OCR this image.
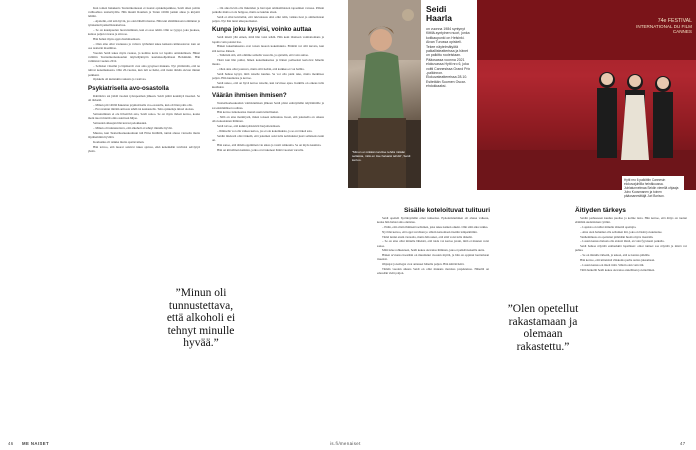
Kun toinen hakukerta Teatterikorkeaan ei tuonut opiskelupaikkaa, Seidi alkoi pohtia vaihtoehtoa teatterityölle. Hän muutti Rauman ja Turun välillä jonkin aikaa ja kirjoitti lehtiin.

– Ajattelin, että tein hyvin, jos olen lähellä mestaa. Hän teki säätämistaan toiminnan ja työskenteli paikallisteatterissa.

– Se on kausipuolen luovuttaminen, kun ei osaa tehdä. Olin se tyyppi, joka juoksee, kantaa paljon tavaraa ja siivoaa.

Hän halusi myös oppia hommaamaan.

– Olen aina ollut vastuussa ja valtava työhaluni tekee kaikesta kiinnostavaa: kun on osa teatterin maailmaa.

Vuoden Seidi tekee myös ruokaa, ja kolmas kerta toi lopulta onnistumisen. Hänet valittiin Teatterikorkeakoulun näyttelijäntyön koulutusohjelmaan Helsinkiin. Hän valmistui vuonna 2012.

– Sellaiset vitsailut ja läpäisevät ovat aina pysyneet mukana. Nyt ymmärrän, että ne tulivat kokemuksesta. Olin 20-vuotias, kun tuli se hetki, että tiesin tämän olevan minun paikkani.

Opiskelu oli kuitenkin raskasta ja vaativaa.

Psykiatrisella avo-osastolla

Rahtilaiva sai jäädä vuoden työrupeaman jälkeen. Seidi päätti keskittyä itseensä. Se oli tärkeää.

– Minun piti välillä hakeutua psykiatriselle avo-osastolle, kun oli liian paha olla.

– En tavannut mitään armosta tehdä tai keskustella. Tein opiskeluja niissä oloissa.

Sairastuminen ei ole hävettävä asia, Seidi sanoo. Se on myös tärkeä kertoa, koska moni nuori miettii omia asioitaan hiljaa.

Sairauden alkuajan hän kuvasi pelokkaaksi.

– Minun oli tunnustettava, että alkoholi ei tehnyt minulle hyvää.

Muutos, kun Teatterikorkeakouluun tuli Elina Knihtilä, tuntui alussa vieraalta mutta myöhemmin hyvältä.

Kouluaika oli rankka mutta opettavainen.

Hän toivoo, että nuoret saisivat tukea ajoissa, eikä kenenkään tarvitsisi selviytyä yksin.

– On aika hevin olla läsköiden ja harvojen ammattilaisten tapaamien varassa. Pääsin paikalle mutta ei ole helppoa, mutta se kuuluu alaan.

Seidi ei ollut kuvitellut, että tulevaisuus olisi ollut näin, vaikka tiesi jo ammatistaan paljon. Nyt hän tunsi ulkopuoliseksi.

Kunpa joku kysyisi, voinko auttaa

Seidi mietti yhä ennen, mitä hän voisi tehdä. Hän koki tilanteen voimattomana ja lopulta vain poistui itse.

Hänen kokemuksensa ovat toisen nuoren kokemuksia. Elämää voi silti kuvata, kun sitä kertoo ääneen.

– Tulkitsin sitä, että olimme samalla vuorolla, ja ajattelin, että voin auttaa.

Tästä kun hän puhui, hänen kokemuksensa ja hänen perheensä kertoivat hänelle muuta.

– Olen aina ollut joustava, mutta silti tiedän, että kaikkea ei voi hallita.

Seidi haluaa kysyä, mitä toiselle kuuluu. Se voi olla pieni teko, mutta merkitsee paljon. Hän kuuntelee ja kertoo.

Seidi uskoo, että on hyvä kertoa toiselle, kun tarvitsee apua. Kaikilla on oikeus tulla kuulluksi.

Väärän ihmisen ihmisen?

Teatterikorkeakoulun valmistumisen jälkeen Seidi pääsi esiintymään näyttämöille ja sai ensimmäiset roolinsa.

Hän kertoo tunteneensa itsensä usein kiitolliseksi.

– Sillä on aina merkitystä, miten toiseen suhtautuu. Koen, että jokaisella on oikeus olla kokonainen ihminen.

Seidi toivoo, että kaikki pääsisivät harjoittelemaan.

– Ihmiselle voi olla vaikea kertoa, jos ei ole kokemuksia, ja se on tärkeä asia.

Seidin mielestä olisi tärkeää, että jokainen saisi tulla kohdatuksi juuri sellaisena kuin on.

Hän sanoo, että tämän oppiminen vie aikaa ja vaatii rohkeutta. Se on myös kaunista.

Hän on kiitollinen kaikista, jotka ovat tukeneet häntä vuosien varrella.

”Minun oli tunnustettava, että alkoholi ei tehnyt minulle hyvää.”
46 ME NAISET
”Minun ei mikään tarvitse tehdä mitään sellaista, mitä en itse haluaisi tehdä”, Seidi kertoo.
Seidi
Haarla
on vuonna 1984 syntynyt Kittilä-syntyinen nuori, jonka kotikaupunki on Helsinki. Aivan Turussa opiskeli. Tekee näytelmätyötä paikallisteatterissa ja hänet on palkittu rooleistaan. Pääosassa vuonna 2021 elokuvassa Hytti nro 6, joka voitti Cannesissa Grand Prix -palkinnon. Elokuvateattereissa 28.10. Esitetään Suomen Oscar-ehdokkaaksi.
74e FESTIVAL
INTERNATIONAL DU FILM
CANNES
Hytti nro 6 palkittiin Cannesin elokuvajuhlilla heinäkuussa. Juhlatunnelmaa Seidin vierellä ohjaaja Juho Kuosmanen ja toinen pääosanesittäjä Juri Borisov.
Sisälle koteloituvat tulituuri

Seidi opetteli hyväksymään omat tunteensa. Epäonnistuminen oli alussa vaikeaa, koska hän halusi aina onnistua.

– Pidin, että olisin ihmisenä sellainen, joka tekee kaiken oikein. Olin siitä aika tarkka.

Nyt hän kertoo, että oppi tavallaan jo silloin katsomaan itseään lempeämmin.

Tämä tuntui ensin vieraalta, mutta hän uskoi, että siitä voisi tulla tärkeää.

– Se on aina ollut minulle läheistä, että taide voi kertoa jotain, mitä ei muuten voisi sanoa.

Mitä tulee rohkeuteen, Seidi kokee olevansa ihminen, joka ei pelkää kokeilla uutta.

Hänen arvionsa itsestään on muuttunut vuosien myötä, ja hän on oppinut luottamaan itseensä.

Ohjaajat ja kollegat ovat antaneet hänelle paljon. Hän kiittää heitä.

Tämän vuoden aikana Seidi on ollut mukana monissa projekteissa. Hänellä on edessään vielä paljon.

”Olen opetellut rakastamaan ja olemaan rakastettu.”
Äitiyden tärkeys

Seidin perheeseen kuuluu puoliso ja kolme lasta. Hän kertoo, että äitiys on tuonut elämään uudenlaisen rytmin.

– Lapsista on tullut minulle tärkeitä opettajia.

– Aina olen halunnut olla sellainen äiti, joka on läsnä ja kuuntelee.

Vanhemmuus on opettanut pitämään huolta myös itsestään.

– Lasten kanssa haluan olla aidosti läsnä, en vain fyysisesti paikalla.

Seidi haluaa näyttää esimerkkiä lapsilleen: omat tunteet saa näyttää ja niistä voi puhua.

– Se on minulle tärkeää, ja uskon, että se kantaa pitkälle.

Hän kertoo, että kiireisinä viikkoina perhe auttaa jaksamaan.

– Lasten kanssa en mieti töitä. Silloin olen vain äiti.

Tällä hetkellä Seidi kokee olevansa onnellinen ja kiitollinen.

is.fi/menaiset	47
